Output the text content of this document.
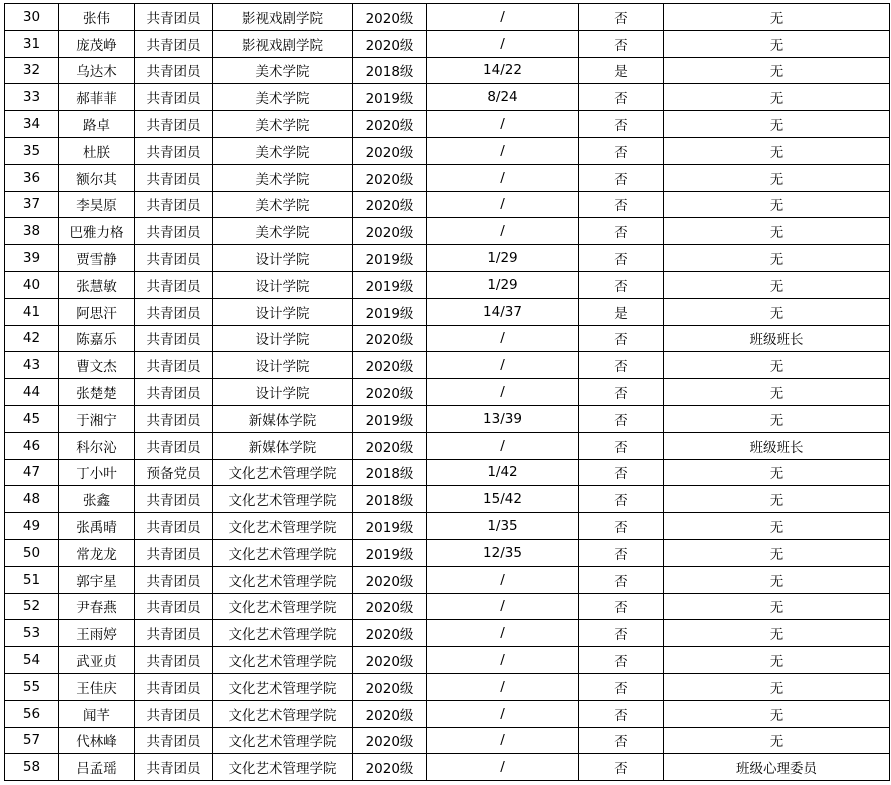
30	张伟	共青团员	影视戏剧学院	2020级	/	否	无
31	庞茂峥	共青团员	影视戏剧学院	2020级	/	否	无
32	乌达木	共青团员	美术学院	2018级	14/22	是	无
33	郝菲菲	共青团员	美术学院	2019级	8/24	否	无
34	路卓	共青团员	美术学院	2020级	/	否	无
35	杜朕	共青团员	美术学院	2020级	/	否	无
36	额尔其	共青团员	美术学院	2020级	/	否	无
37	李昊原	共青团员	美术学院	2020级	/	否	无
38	巴雅力格	共青团员	美术学院	2020级	/	否	无
39	贾雪静	共青团员	设计学院	2019级	1/29	否	无
40	张慧敏	共青团员	设计学院	2019级	1/29	否	无
41	阿思汗	共青团员	设计学院	2019级	14/37	是	无
42	陈嘉乐	共青团员	设计学院	2020级	/	否	班级班长
43	曹文杰	共青团员	设计学院	2020级	/	否	无
44	张楚楚	共青团员	设计学院	2020级	/	否	无
45	于湘宁	共青团员	新媒体学院	2019级	13/39	否	无
46	科尔沁	共青团员	新媒体学院	2020级	/	否	班级班长
47	丁小叶	预备党员	文化艺术管理学院	2018级	1/42	否	无
48	张鑫	共青团员	文化艺术管理学院	2018级	15/42	否	无
49	张禹晴	共青团员	文化艺术管理学院	2019级	1/35	否	无
50	常龙龙	共青团员	文化艺术管理学院	2019级	12/35	否	无
51	郭宇星	共青团员	文化艺术管理学院	2020级	/	否	无
52	尹春燕	共青团员	文化艺术管理学院	2020级	/	否	无
53	王雨婷	共青团员	文化艺术管理学院	2020级	/	否	无
54	武亚贞	共青团员	文化艺术管理学院	2020级	/	否	无
55	王佳庆	共青团员	文化艺术管理学院	2020级	/	否	无
56	闻芊	共青团员	文化艺术管理学院	2020级	/	否	无
57	代林峰	共青团员	文化艺术管理学院	2020级	/	否	无
58	吕孟瑶	共青团员	文化艺术管理学院	2020级	/	否	班级心理委员
